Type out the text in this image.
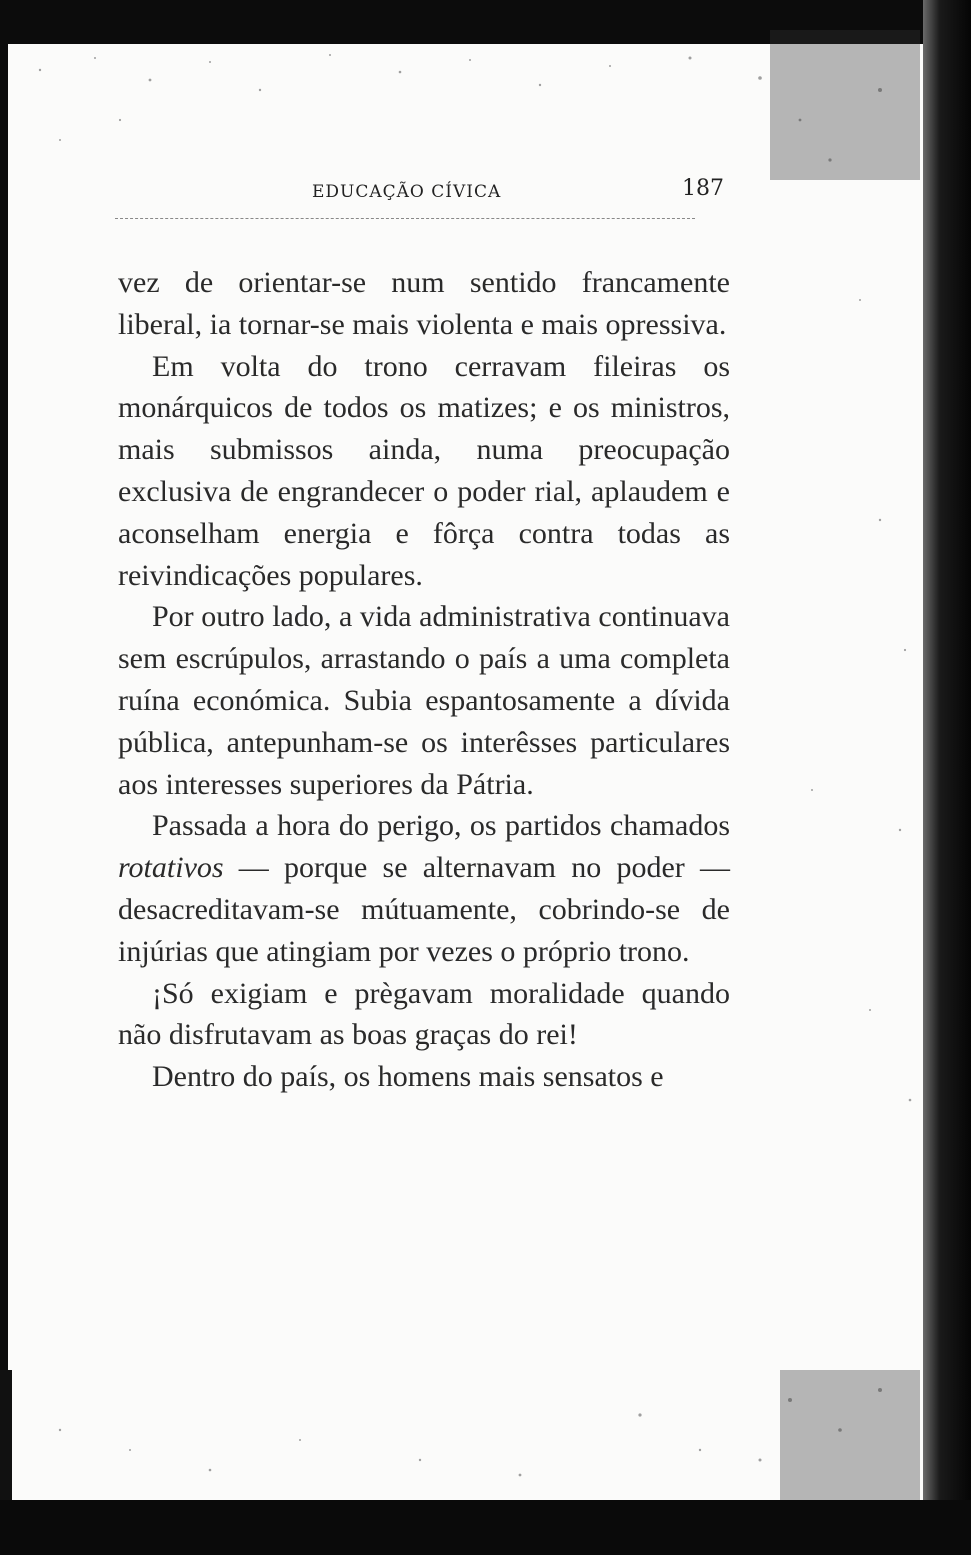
EDUCAÇÃO CÍVICA	187

vez de orientar-se num sentido francamente liberal, ia tornar-se mais violenta e mais opressiva.

Em volta do trono cerravam fileiras os monárquicos de todos os matizes; e os ministros, mais submissos ainda, numa preocupação exclusiva de engrandecer o poder rial, aplaudem e aconselham energia e fôrça contra todas as reivindicações populares.

Por outro lado, a vida administrativa continuava sem escrúpulos, arrastando o país a uma completa ruína económica. Subia espantosamente a dívida pública, antepunham-se os interêsses particulares aos interesses superiores da Pátria.

Passada a hora do perigo, os partidos chamados rotativos — porque se alternavam no poder — desacreditavam-se mútuamente, cobrindo-se de injúrias que atingiam por vezes o próprio trono.

¡Só exigiam e prègavam moralidade quando não disfrutavam as boas graças do rei!

Dentro do país, os homens mais sensatos e
